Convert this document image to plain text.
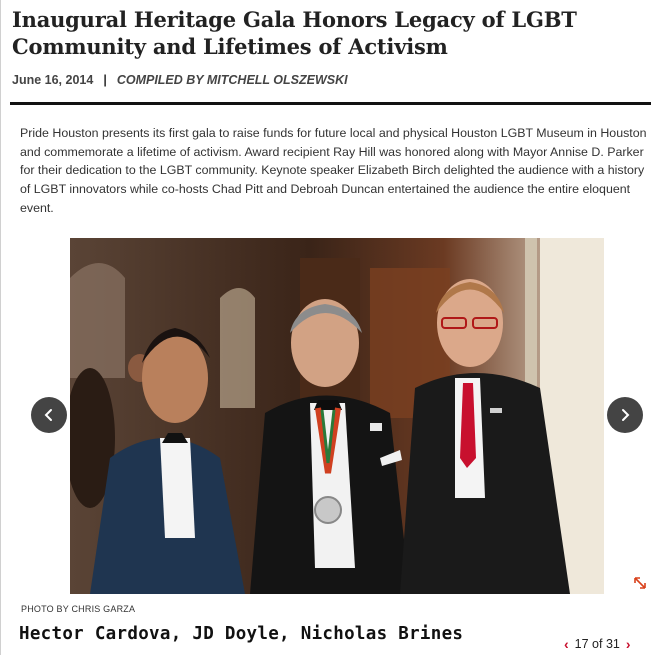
Inaugural Heritage Gala Honors Legacy of LGBT Community and Lifetimes of Activism
June 16, 2014 | COMPILED BY MITCHELL OLSZEWSKI

Pride Houston presents its first gala to raise funds for future local and physical Houston LGBT Museum in Houston and commemorate a lifetime of activism. Award recipient Ray Hill was honored along with Mayor Annise D. Parker for their dedication to the LGBT community. Keynote speaker Elizabeth Birch delighted the audience with a history of LGBT innovators while co-hosts Chad Pitt and Debroah Duncan entertained the audience the entire eloquent event.

PHOTO BY CHRIS GARZA
Hector Cardova, JD Doyle, Nicholas Brines	‹ 17 of 31 ›
